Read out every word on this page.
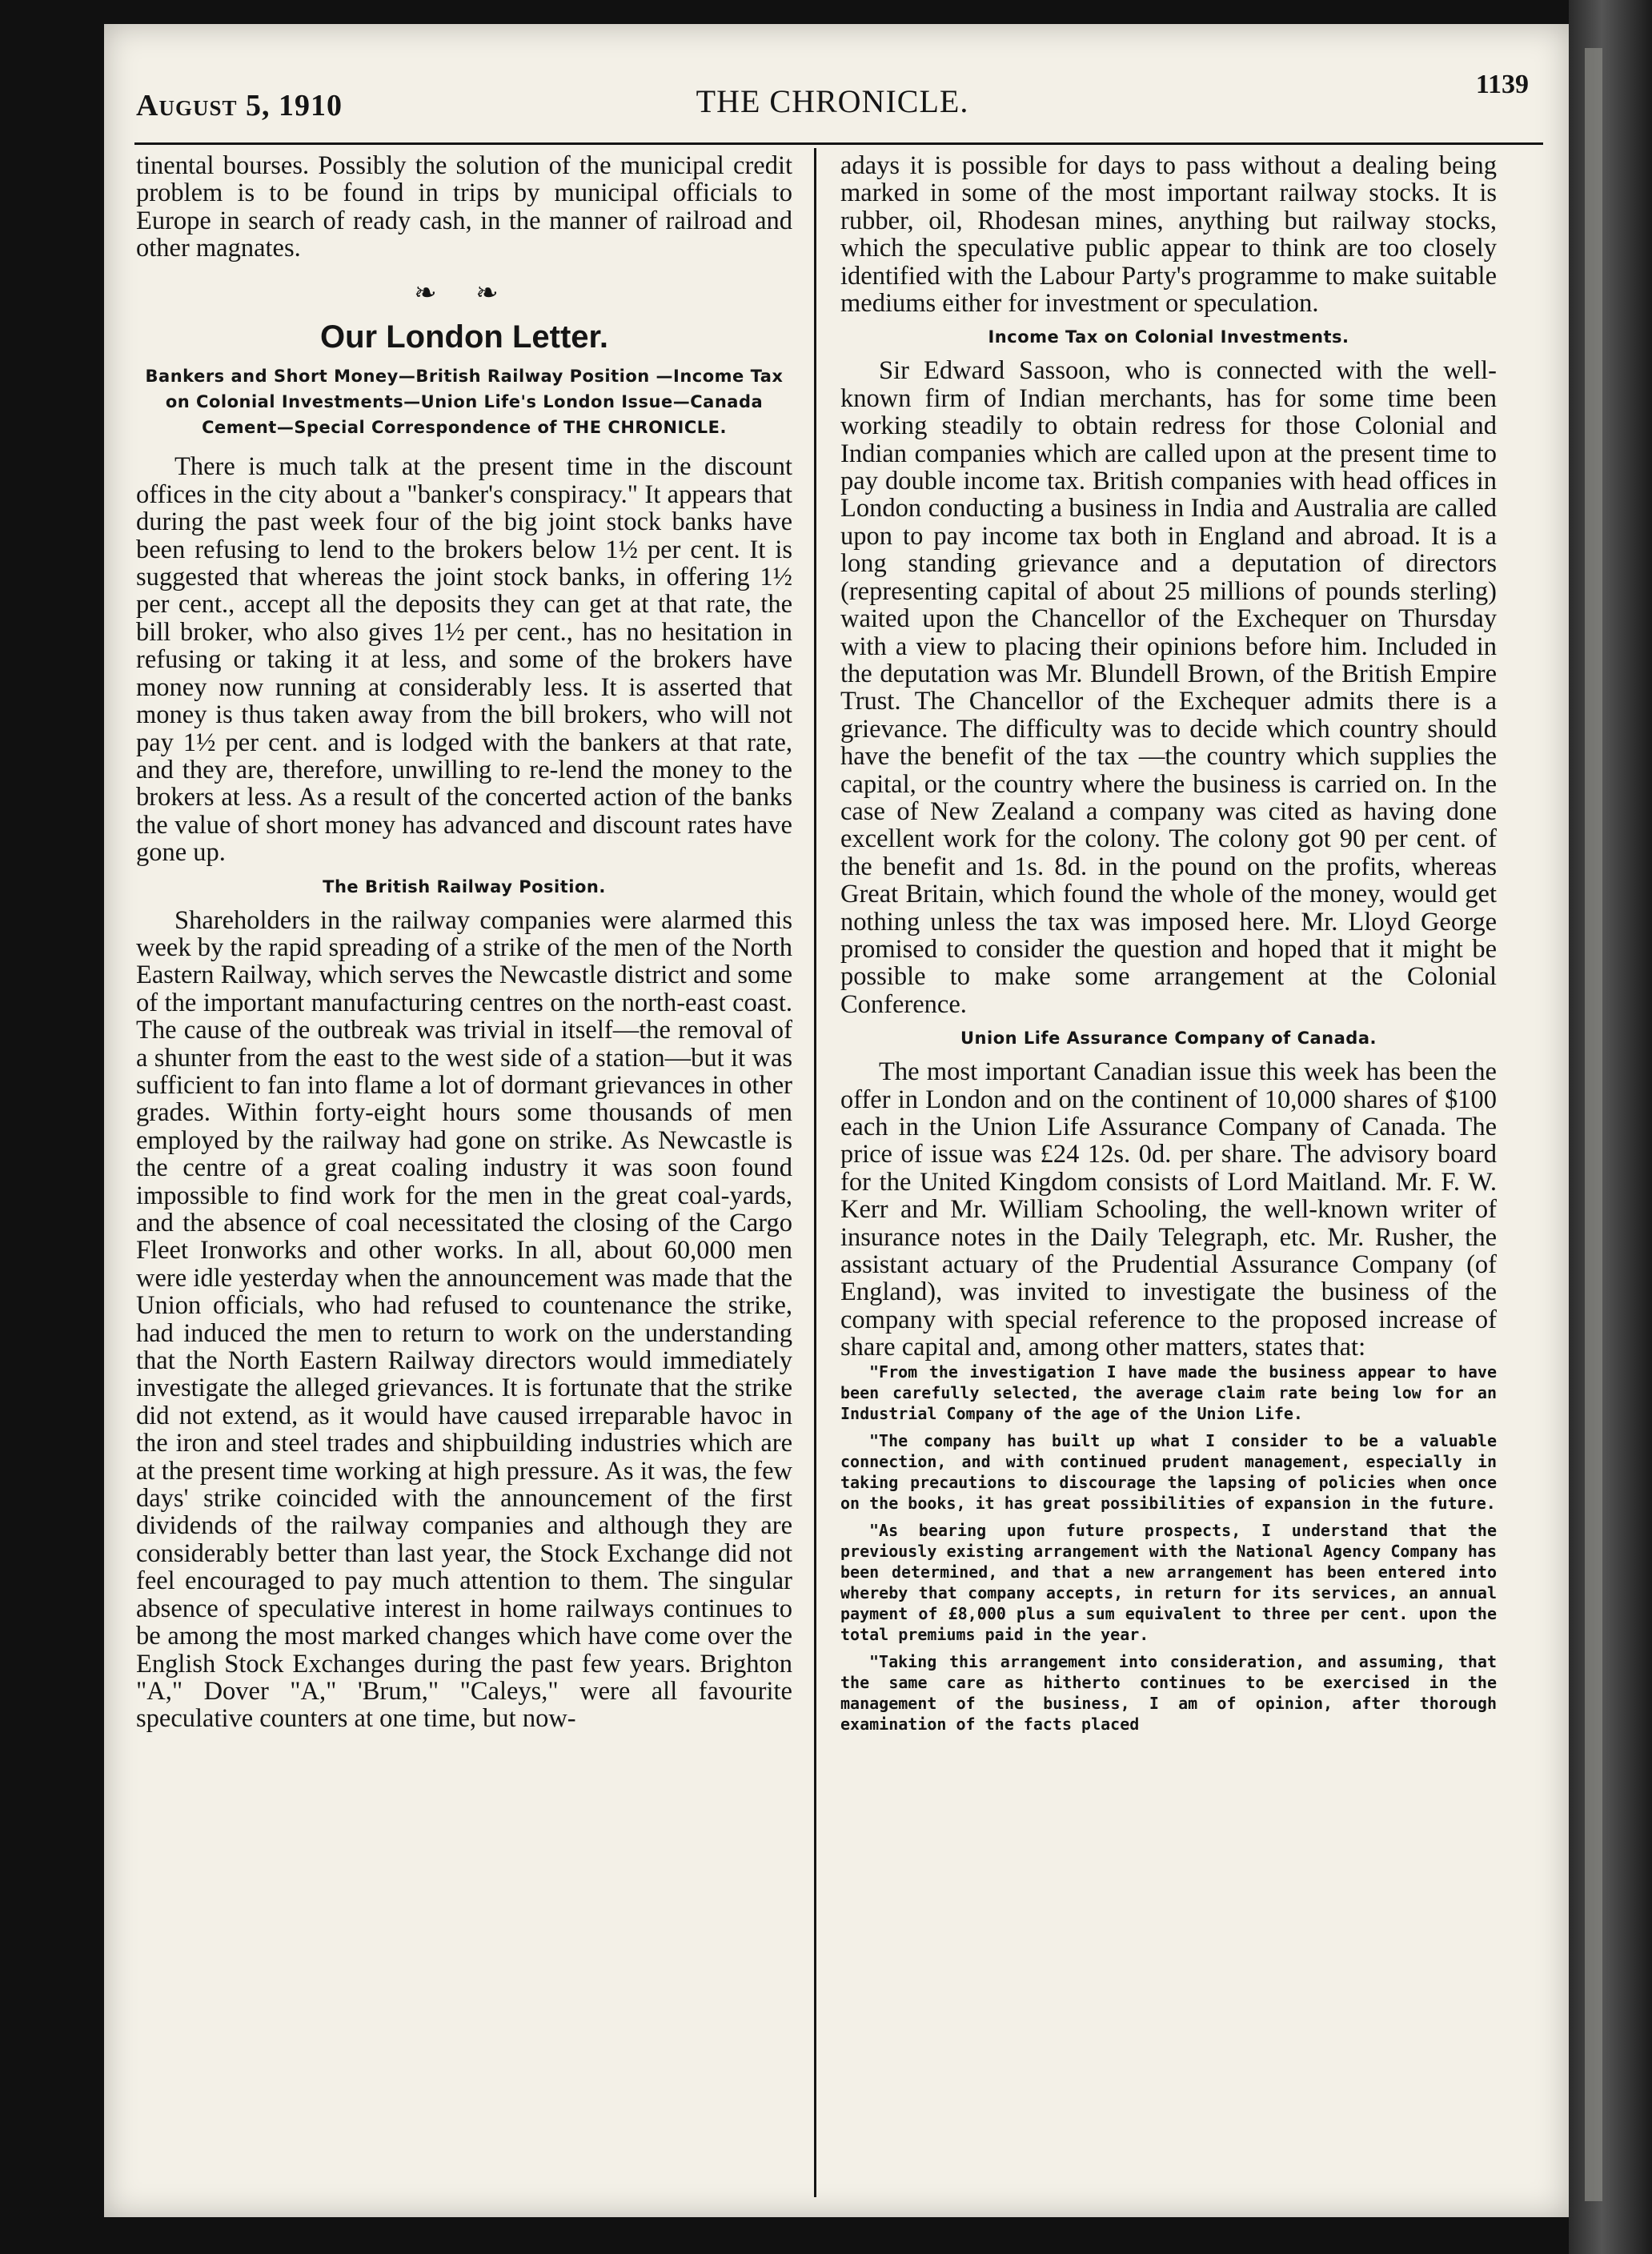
August 5, 1910	THE CHRONICLE.	1139

tinental bourses. Possibly the solution of the municipal credit problem is to be found in trips by municipal officials to Europe in search of ready cash, in the manner of railroad and other magnates.

❧ ❧
Our London Letter.
Bankers and Short Money—British Railway Position —Income Tax on Colonial Investments—Union Life's London Issue—Canada Cement—Special Correspondence of THE CHRONICLE.

There is much talk at the present time in the discount offices in the city about a "banker's conspiracy." It appears that during the past week four of the big joint stock banks have been refusing to lend to the brokers below 1½ per cent. It is suggested that whereas the joint stock banks, in offering 1½ per cent., accept all the deposits they can get at that rate, the bill broker, who also gives 1½ per cent., has no hesitation in refusing or taking it at less, and some of the brokers have money now running at considerably less. It is asserted that money is thus taken away from the bill brokers, who will not pay 1½ per cent. and is lodged with the bankers at that rate, and they are, therefore, unwilling to re-lend the money to the brokers at less. As a result of the concerted action of the banks the value of short money has advanced and discount rates have gone up.

The British Railway Position.

Shareholders in the railway companies were alarmed this week by the rapid spreading of a strike of the men of the North Eastern Railway, which serves the Newcastle district and some of the important manufacturing centres on the north-east coast. The cause of the outbreak was trivial in itself—the removal of a shunter from the east to the west side of a station—but it was sufficient to fan into flame a lot of dormant grievances in other grades. Within forty-eight hours some thousands of men employed by the railway had gone on strike. As Newcastle is the centre of a great coaling industry it was soon found impossible to find work for the men in the great coal-yards, and the absence of coal necessitated the closing of the Cargo Fleet Ironworks and other works. In all, about 60,000 men were idle yesterday when the announcement was made that the Union officials, who had refused to countenance the strike, had induced the men to return to work on the understanding that the North Eastern Railway directors would immediately investigate the alleged grievances. It is fortunate that the strike did not extend, as it would have caused irreparable havoc in the iron and steel trades and shipbuilding industries which are at the present time working at high pressure. As it was, the few days' strike coincided with the announcement of the first dividends of the railway companies and although they are considerably better than last year, the Stock Exchange did not feel encouraged to pay much attention to them. The singular absence of speculative interest in home railways continues to be among the most marked changes which have come over the English Stock Exchanges during the past few years. Brighton "A," Dover "A," 'Brum," "Caleys," were all favourite speculative counters at one time, but now-

adays it is possible for days to pass without a dealing being marked in some of the most important railway stocks. It is rubber, oil, Rhodesan mines, anything but railway stocks, which the speculative public appear to think are too closely identified with the Labour Party's programme to make suitable mediums either for investment or speculation.

Income Tax on Colonial Investments.

Sir Edward Sassoon, who is connected with the well-known firm of Indian merchants, has for some time been working steadily to obtain redress for those Colonial and Indian companies which are called upon at the present time to pay double income tax. British companies with head offices in London conducting a business in India and Australia are called upon to pay income tax both in England and abroad. It is a long standing grievance and a deputation of directors (representing capital of about 25 millions of pounds sterling) waited upon the Chancellor of the Exchequer on Thursday with a view to placing their opinions before him. Included in the deputation was Mr. Blundell Brown, of the British Empire Trust. The Chancellor of the Exchequer admits there is a grievance. The difficulty was to decide which country should have the benefit of the tax —the country which supplies the capital, or the country where the business is carried on. In the case of New Zealand a company was cited as having done excellent work for the colony. The colony got 90 per cent. of the benefit and 1s. 8d. in the pound on the profits, whereas Great Britain, which found the whole of the money, would get nothing unless the tax was imposed here. Mr. Lloyd George promised to consider the question and hoped that it might be possible to make some arrangement at the Colonial Conference.

Union Life Assurance Company of Canada.

The most important Canadian issue this week has been the offer in London and on the continent of 10,000 shares of $100 each in the Union Life Assurance Company of Canada. The price of issue was £24 12s. 0d. per share. The advisory board for the United Kingdom consists of Lord Maitland. Mr. F. W. Kerr and Mr. William Schooling, the well-known writer of insurance notes in the Daily Telegraph, etc. Mr. Rusher, the assistant actuary of the Prudential Assurance Company (of England), was invited to investigate the business of the company with special reference to the proposed increase of share capital and, among other matters, states that:

"From the investigation I have made the business appear to have been carefully selected, the average claim rate being low for an Industrial Company of the age of the Union Life.

"The company has built up what I consider to be a valuable connection, and with continued prudent management, especially in taking precautions to discourage the lapsing of policies when once on the books, it has great possibilities of expansion in the future.

"As bearing upon future prospects, I understand that the previously existing arrangement with the National Agency Company has been determined, and that a new arrangement has been entered into whereby that company accepts, in return for its services, an annual payment of £8,000 plus a sum equivalent to three per cent. upon the total premiums paid in the year.

"Taking this arrangement into consideration, and assuming, that the same care as hitherto continues to be exercised in the management of the business, I am of opinion, after thorough examination of the facts placed
